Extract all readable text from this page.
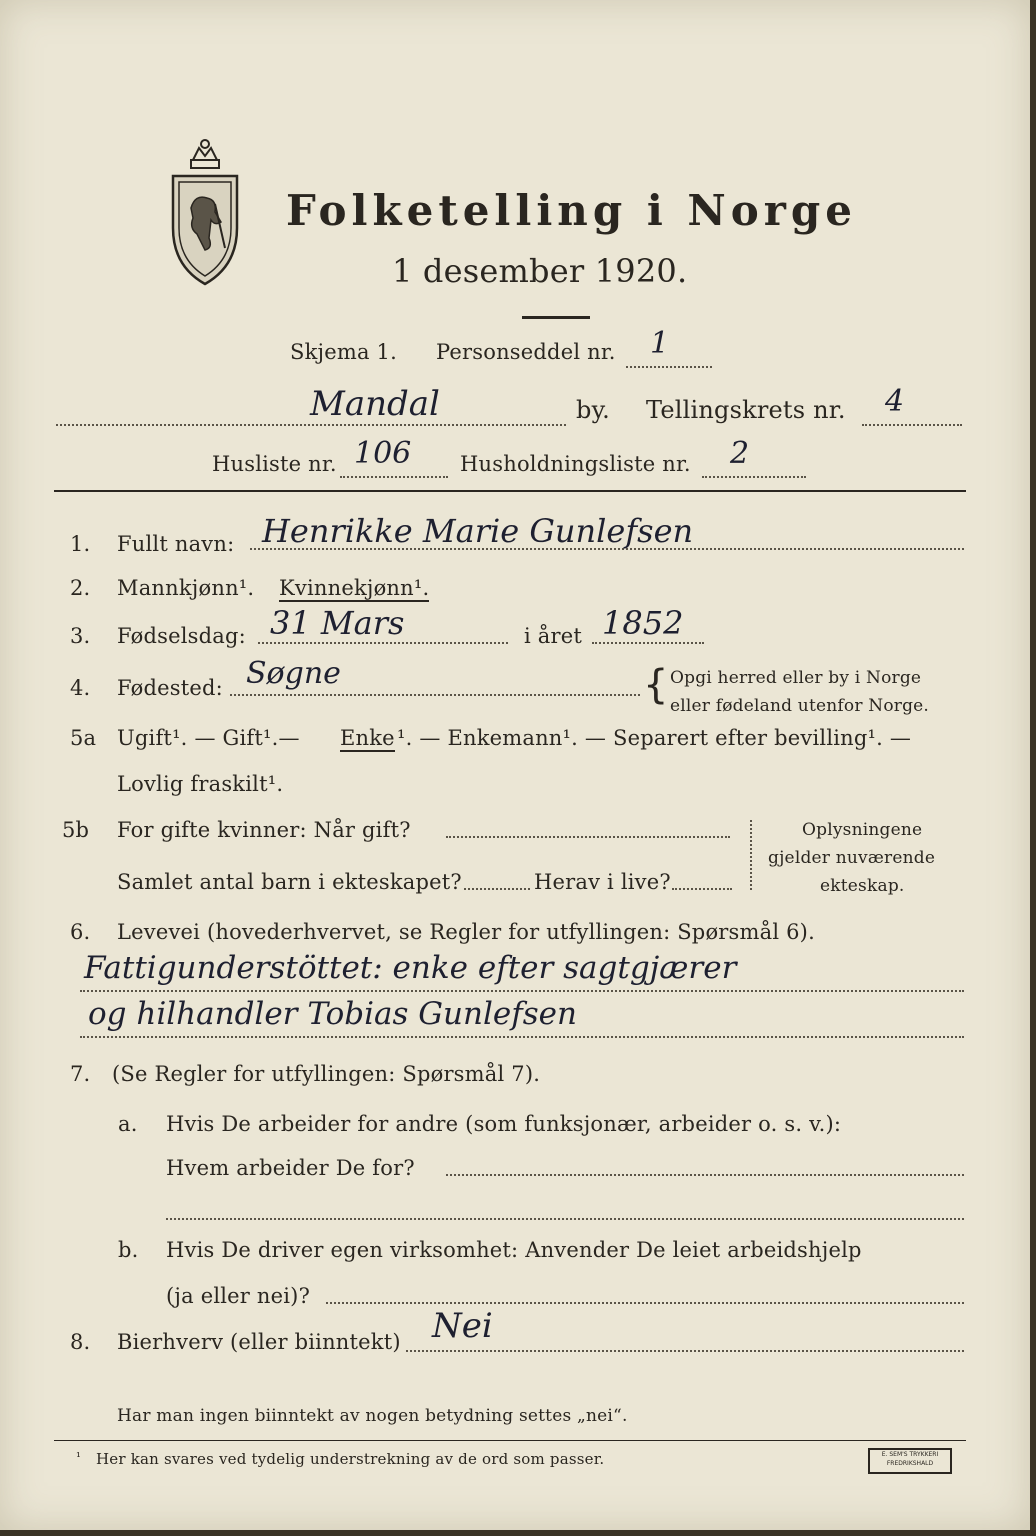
Folketelling i Norge
1 desember 1920.
Skjema 1. Personseddel nr. 1
Mandal	by. Tellingskrets nr. 4
Husliste nr. 106 Husholdningsliste nr. 2
1. Fullt navn: Henrikke Marie Gunlefsen
2. Mannkjønn¹. Kvinnekjønn¹.
3. Fødselsdag: 31 Mars	i året 1852
4. Fødested: Søgne	{ Opgi herred eller by i Norge
eller fødeland utenfor Norge.
5a Ugift¹. — Gift¹.— Enke ¹. — Enkemann¹. — Separert efter bevilling¹. —
Lovlig fraskilt¹.
5b For gifte kvinner: Når gift?
Samlet antal barn i ekteskapet?	Herav i live?
Oplysningene
gjelder nuværende
ekteskap.
6. Levevei (hovederhvervet, se Regler for utfyllingen: Spørsmål 6).
Fattigunderstöttet: enke efter sagtgjærer
og hilhandler Tobias Gunlefsen
7. (Se Regler for utfyllingen: Spørsmål 7).
a. Hvis De arbeider for andre (som funksjonær, arbeider o. s. v.):
Hvem arbeider De for?
b. Hvis De driver egen virksomhet: Anvender De leiet arbeidshjelp
(ja eller nei)?
8. Bierhverv (eller biinntekt) Nei
Har man ingen biinntekt av nogen betydning settes „nei“.
¹ Her kan svares ved tydelig understrekning av de ord som passer.	E. SEM'S TRYKKERI FREDRIKSHALD
